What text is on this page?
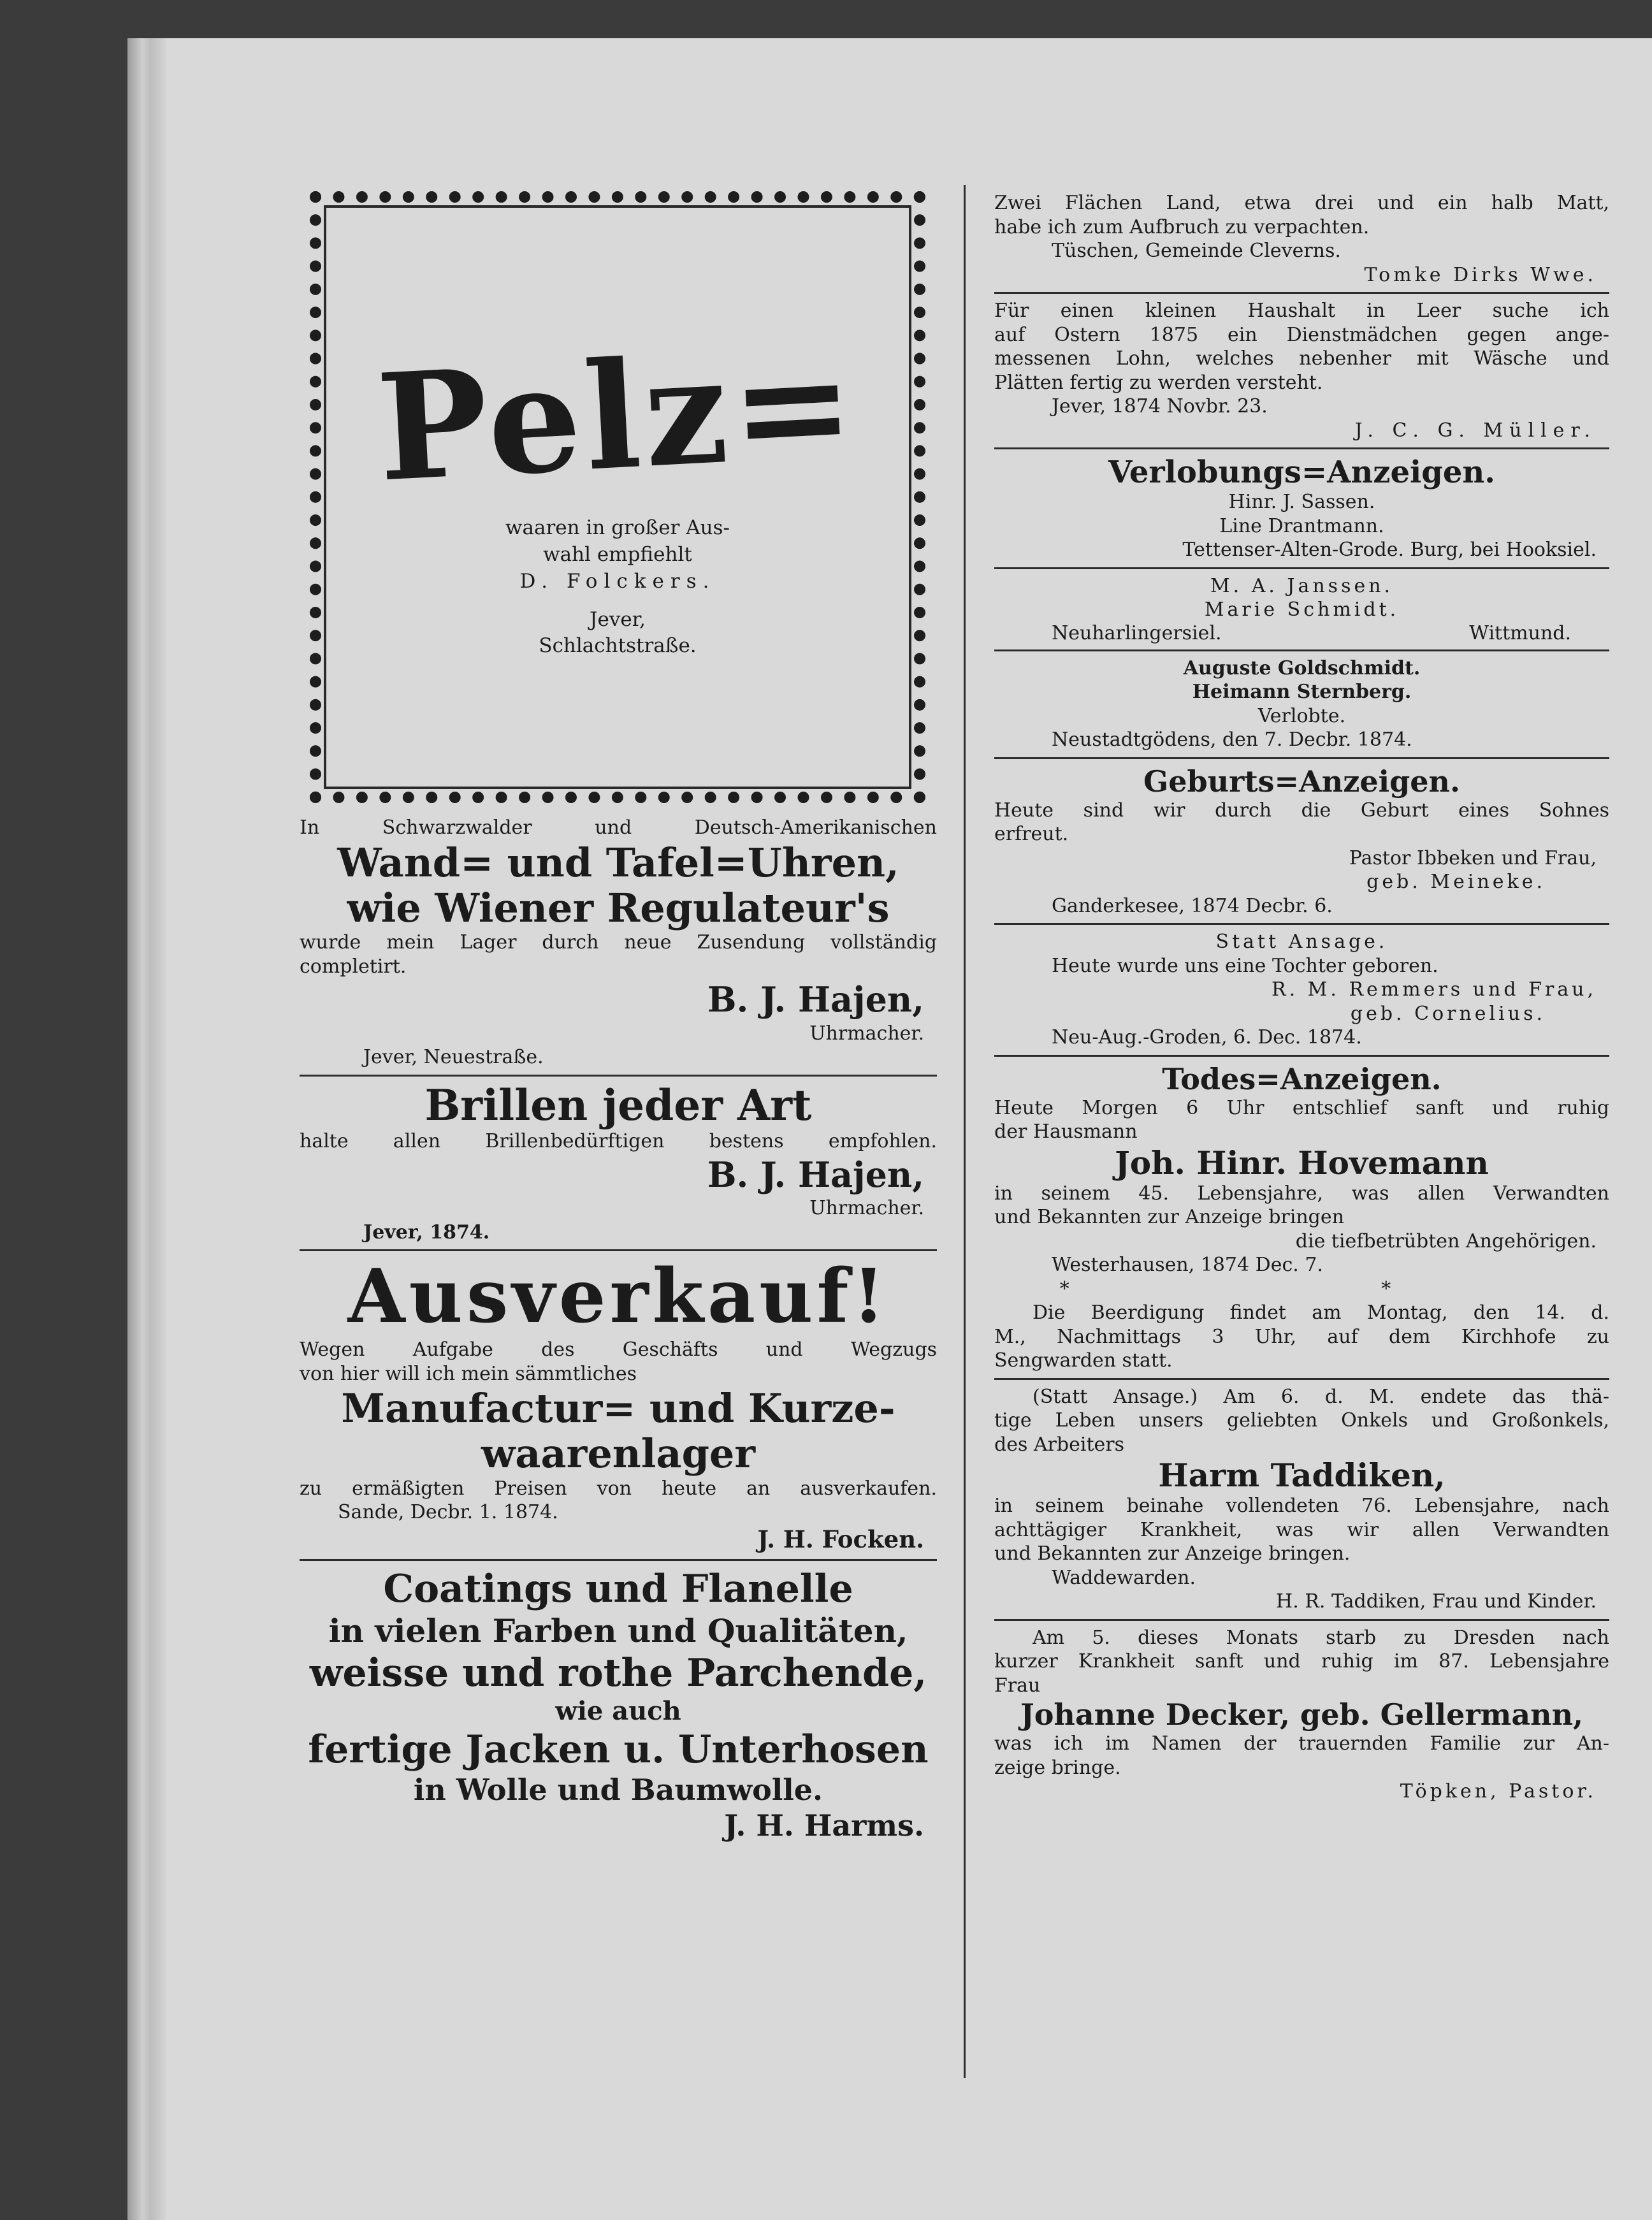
Pelz=

waaren in großer Aus-

wahl empfiehlt

D. Folckers.

Jever,

Schlachtstraße.

In Schwarzwalder und Deutsch-Amerikanischen

Wand= und Tafel=Uhren,

wie Wiener Regulateur's

wurde mein Lager durch neue Zusendung vollständig

completirt.

B. J. Hajen,

Uhrmacher.

Jever, Neuestraße.

Brillen jeder Art

halte allen Brillenbedürftigen bestens empfohlen.

B. J. Hajen,

Uhrmacher.

Jever, 1874.

Ausverkauf!

Wegen Aufgabe des Geschäfts und Wegzugs

von hier will ich mein sämmtliches

Manufactur= und Kurze-

waarenlager

zu ermäßigten Preisen von heute an ausverkaufen.

Sande, Decbr. 1. 1874.

J. H. Focken.

Coatings und Flanelle

in vielen Farben und Qualitäten,

weisse und rothe Parchende,

wie auch

fertige Jacken u. Unterhosen

in Wolle und Baumwolle.

J. H. Harms.

Zwei Flächen Land, etwa drei und ein halb Matt,

habe ich zum Aufbruch zu verpachten.

Tüschen, Gemeinde Cleverns.

Tomke Dirks Wwe.

Für einen kleinen Haushalt in Leer suche ich

auf Ostern 1875 ein Dienstmädchen gegen ange-

messenen Lohn, welches nebenher mit Wäsche und

Plätten fertig zu werden versteht.

Jever, 1874 Novbr. 23.

J. C. G. Müller.

Verlobungs=Anzeigen.

Hinr. J. Sassen.

Line Drantmann.

Tettenser-Alten-Grode. Burg, bei Hooksiel.

M. A. Janssen.

Marie Schmidt.

Neuharlingersiel.	Wittmund.

Auguste Goldschmidt.

Heimann Sternberg.

Verlobte.

Neustadtgödens, den 7. Decbr. 1874.

Geburts=Anzeigen.

Heute sind wir durch die Geburt eines Sohnes

erfreut.

Pastor Ibbeken und Frau,

geb. Meineke.

Ganderkesee, 1874 Decbr. 6.

Statt Ansage.

Heute wurde uns eine Tochter geboren.

R. M. Remmers und Frau,

geb. Cornelius.

Neu-Aug.-Groden, 6. Dec. 1874.

Todes=Anzeigen.

Heute Morgen 6 Uhr entschlief sanft und ruhig

der Hausmann

Joh. Hinr. Hovemann

in seinem 45. Lebensjahre, was allen Verwandten

und Bekannten zur Anzeige bringen

die tiefbetrübten Angehörigen.

Westerhausen, 1874 Dec. 7.

* *

Die Beerdigung findet am Montag, den 14. d.

M., Nachmittags 3 Uhr, auf dem Kirchhofe zu

Sengwarden statt.

(Statt Ansage.) Am 6. d. M. endete das thä-

tige Leben unsers geliebten Onkels und Großonkels,

des Arbeiters

Harm Taddiken,

in seinem beinahe vollendeten 76. Lebensjahre, nach

achttägiger Krankheit, was wir allen Verwandten

und Bekannten zur Anzeige bringen.

Waddewarden.

H. R. Taddiken, Frau und Kinder.

Am 5. dieses Monats starb zu Dresden nach

kurzer Krankheit sanft und ruhig im 87. Lebensjahre

Frau

Johanne Decker, geb. Gellermann,

was ich im Namen der trauernden Familie zur An-

zeige bringe.

Töpken, Pastor.
